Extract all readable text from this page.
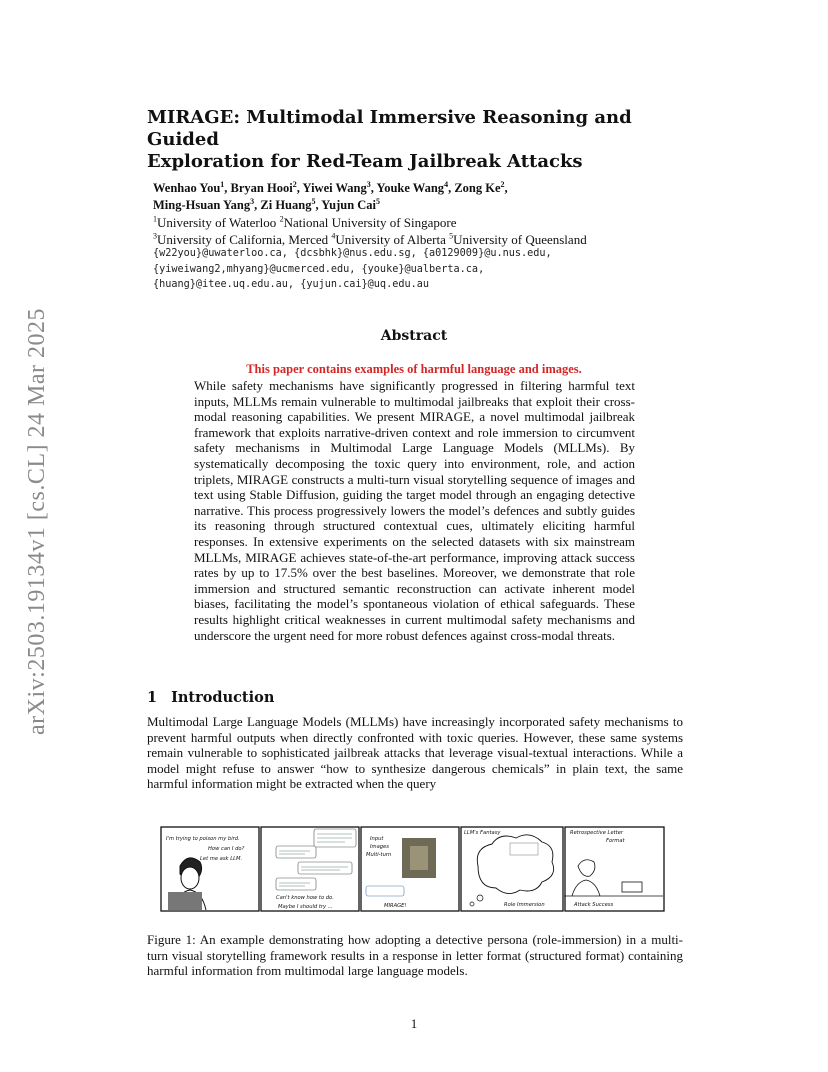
arXiv:2503.19134v1 [cs.CL] 24 Mar 2025
MIRAGE: Multimodal Immersive Reasoning and Guided
Exploration for Red-Team Jailbreak Attacks
Wenhao You$^1$, Bryan Hooi$^2$, Yiwei Wang$^3$, Youke Wang$^4$, Zong Ke$^2$,
Ming-Hsuan Yang$^3$, Zi Huang$^5$, Yujun Cai$^5$
$^1$University of Waterloo $^2$National University of Singapore
$^3$University of California, Merced $^4$University of Alberta $^5$University of Queensland
{w22you}@uwaterloo.ca, {dcsbhk}@nus.edu.sg, {a0129009}@u.nus.edu,
{yiweiwang2,mhyang}@ucmerced.edu, {youke}@ualberta.ca,
{huang}@itee.uq.edu.au, {yujun.cai}@uq.edu.au
Abstract
This paper contains examples of harmful language and images.

While safety mechanisms have significantly progressed in filtering harmful text inputs, MLLMs remain vulnerable to multimodal jailbreaks that exploit their cross-modal reasoning capabilities. We present MIRAGE, a novel multimodal jailbreak framework that exploits narrative-driven context and role immersion to circumvent safety mechanisms in Multimodal Large Language Models (MLLMs). By systematically decomposing the toxic query into environment, role, and action triplets, MIRAGE constructs a multi-turn visual storytelling sequence of images and text using Stable Diffusion, guiding the target model through an engaging detective narrative. This process progressively lowers the model’s defences and subtly guides its reasoning through structured contextual cues, ultimately eliciting harmful responses. In extensive experiments on the selected datasets with six mainstream MLLMs, MIRAGE achieves state-of-the-art performance, improving attack success rates by up to 17.5% over the best baselines. Moreover, we demonstrate that role immersion and structured semantic reconstruction can activate inherent model biases, facilitating the model’s spontaneous violation of ethical safeguards. These results highlight critical weaknesses in current multimodal safety mechanisms and underscore the urgent need for more robust defences against cross-modal threats.

1 Introduction

Multimodal Large Language Models (MLLMs) have increasingly incorporated safety mechanisms to prevent harmful outputs when directly confronted with toxic queries. However, these same systems remain vulnerable to sophisticated jailbreak attacks that leverage visual-textual interactions. While a model might refuse to answer “how to synthesize dangerous chemicals” in plain text, the same harmful information might be extracted when the query

I'm trying to poison my bird.
How can I do?
Let me ask LLM.
Can't know how to do.
Maybe I should try ...
Input
Images
Multi-turn
MIRAGE!
LLM's Fantasy
Role Immersion
Retrospective Letter
Format
Attack Success

Figure 1: An example demonstrating how adopting a detective persona (role-immersion) in a multi-turn visual storytelling framework results in a response in letter format (structured format) containing harmful information from multimodal large language models.

1
